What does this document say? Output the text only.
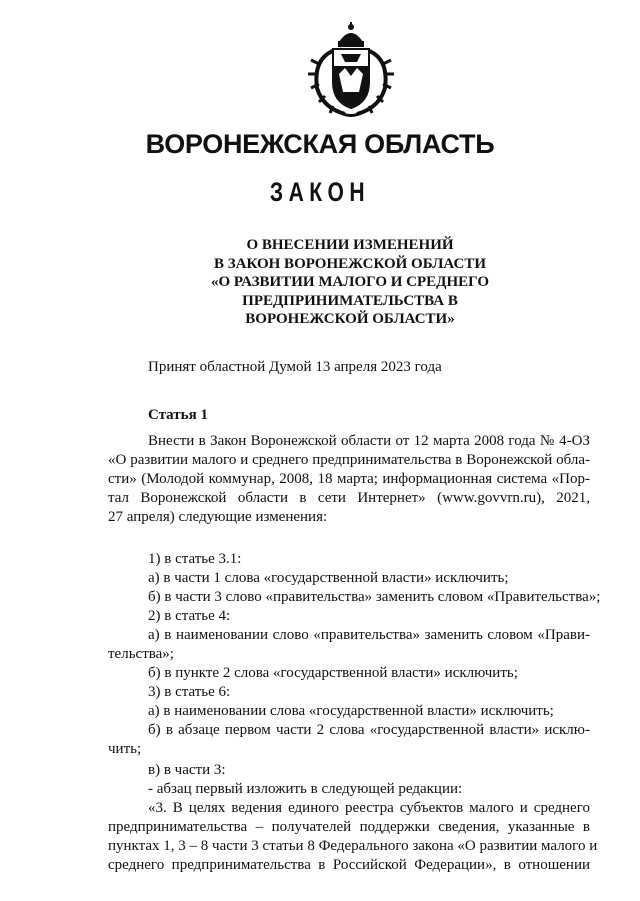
ВОРОНЕЖСКАЯ ОБЛАСТЬ
ЗАКОН
О ВНЕСЕНИИ ИЗМЕНЕНИЙ
В ЗАКОН ВОРОНЕЖСКОЙ ОБЛАСТИ
«О РАЗВИТИИ МАЛОГО И СРЕДНЕГО
ПРЕДПРИНИМАТЕЛЬСТВА В
ВОРОНЕЖСКОЙ ОБЛАСТИ»
Принят областной Думой 13 апреля 2023 года
Статья 1
Внести в Закон Воронежской области от 12 марта 2008 года № 4-ОЗ
«О развитии малого и среднего предпринимательства в Воронежской обла-
сти» (Молодой коммунар, 2008, 18 марта; информационная система «Пор-
тал Воронежской области в сети Интернет» (www.govvrn.ru), 2021,
27 апреля) следующие изменения:
1) в статье 3.1:
а) в части 1 слова «государственной власти» исключить;
б) в части 3 слово «правительства» заменить словом «Правительства»;
2) в статье 4:
а) в наименовании слово «правительства» заменить словом «Прави-
тельства»;
б) в пункте 2 слова «государственной власти» исключить;
3) в статье 6:
а) в наименовании слова «государственной власти» исключить;
б) в абзаце первом части 2 слова «государственной власти» исклю-
чить;
в) в части 3:
- абзац первый изложить в следующей редакции:
«3. В целях ведения единого реестра субъектов малого и среднего
предпринимательства – получателей поддержки сведения, указанные в
пунктах 1, 3 – 8 части 3 статьи 8 Федерального закона «О развитии малого и
среднего предпринимательства в Российской Федерации», в отношении
